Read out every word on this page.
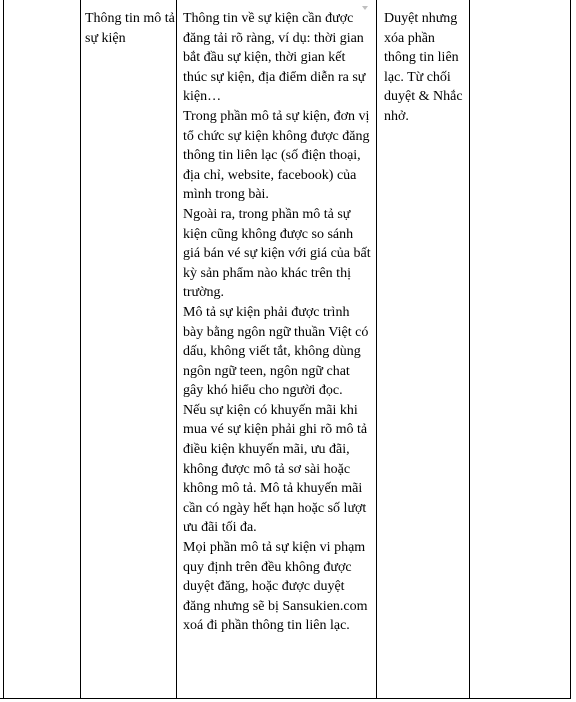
Thông tin mô tả sự kiện

Thông tin về sự kiện cần được đăng tải rõ ràng, ví dụ: thời gian bắt đầu sự kiện, thời gian kết thúc sự kiện, địa điểm diễn ra sự kiện…

Trong phần mô tả sự kiện, đơn vị tổ chức sự kiện không được đăng thông tin liên lạc (số điện thoại, địa chỉ, website, facebook) của mình trong bài.

Ngoài ra, trong phần mô tả sự kiện cũng không được so sánh giá bán vé sự kiện với giá của bất kỳ sản phẩm nào khác trên thị trường.

Mô tả sự kiện phải được trình bày bằng ngôn ngữ thuần Việt có dấu, không viết tắt, không dùng ngôn ngữ teen, ngôn ngữ chat gây khó hiểu cho người đọc.

Nếu sự kiện có khuyến mãi khi mua vé sự kiện phải ghi rõ mô tả điều kiện khuyến mãi, ưu đãi, không được mô tả sơ sài hoặc không mô tả. Mô tả khuyến mãi cần có ngày hết hạn hoặc số lượt ưu đãi tối đa.

Mọi phần mô tả sự kiện vi phạm quy định trên đều không được duyệt đăng, hoặc được duyệt đăng nhưng sẽ bị Sansukien.com xoá đi phần thông tin liên lạc.

Duyệt nhưng xóa phần thông tin liên lạc. Từ chối duyệt & Nhắc nhở.
